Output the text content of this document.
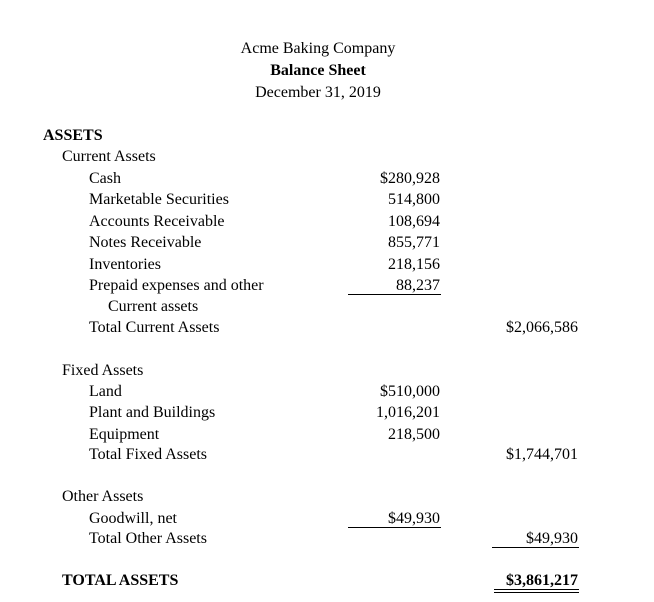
Acme Baking Company
Balance Sheet
December 31, 2019
ASSETS
Current Assets
Cash	$280,928
Marketable Securities	514,800
Accounts Receivable	108,694
Notes Receivable	855,771
Inventories	218,156
Prepaid expenses and other	88,237
Current assets
Total Current Assets	$2,066,586
Fixed Assets
Land	$510,000
Plant and Buildings	1,016,201
Equipment	218,500
Total Fixed Assets	$1,744,701
Other Assets
Goodwill, net	$49,930
Total Other Assets	$49,930
TOTAL ASSETS	$3,861,217
